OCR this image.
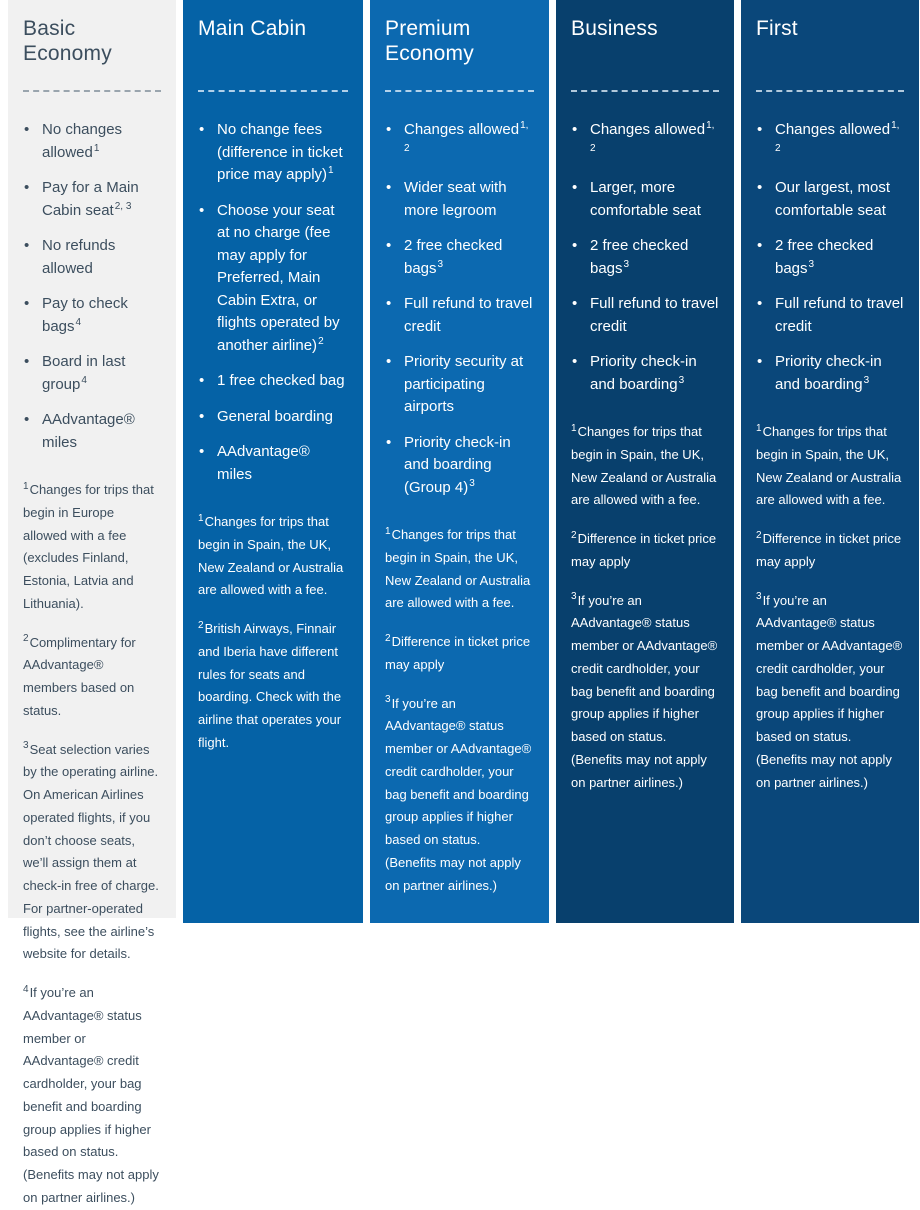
Basic Economy
• No changes allowed$^1$
• Pay for a Main Cabin seat$^{2, 3}$
• No refunds allowed
• Pay to check bags$^4$
• Board in last group$^4$
• AAdvantage® miles

$^1$Changes for trips that begin in Europe allowed with a fee (excludes Finland, Estonia, Latvia and Lithuania).

$^2$Complimentary for AAdvantage® members based on status.

$^3$Seat selection varies by the operating airline. On American Airlines operated flights, if you don’t choose seats, we’ll assign them at check-in free of charge. For partner-operated flights, see the airline’s website for details.

$^4$If you’re an AAdvantage® status member or AAdvantage® credit cardholder, your bag benefit and boarding group applies if higher based on status. (Benefits may not apply on partner airlines.)

Main Cabin
• No change fees (difference in ticket price may apply)$^1$
• Choose your seat at no charge (fee may apply for Preferred, Main Cabin Extra, or flights operated by another airline)$^2$
• 1 free checked bag
• General boarding
• AAdvantage® miles

$^1$Changes for trips that begin in Spain, the UK, New Zealand or Australia are allowed with a fee.

$^2$British Airways, Finnair and Iberia have different rules for seats and boarding. Check with the airline that operates your flight.

Premium Economy
• Changes allowed$^{1, 2}$
• Wider seat with more legroom
• 2 free checked bags$^3$
• Full refund to travel credit
• Priority security at participating airports
• Priority check-in and boarding (Group 4)$^3$

$^1$Changes for trips that begin in Spain, the UK, New Zealand or Australia are allowed with a fee.

$^2$Difference in ticket price may apply

$^3$If you’re an AAdvantage® status member or AAdvantage® credit cardholder, your bag benefit and boarding group applies if higher based on status. (Benefits may not apply on partner airlines.)

Business
• Changes allowed$^{1, 2}$
• Larger, more comfortable seat
• 2 free checked bags$^3$
• Full refund to travel credit
• Priority check-in and boarding$^3$

$^1$Changes for trips that begin in Spain, the UK, New Zealand or Australia are allowed with a fee.

$^2$Difference in ticket price may apply

$^3$If you’re an AAdvantage® status member or AAdvantage® credit cardholder, your bag benefit and boarding group applies if higher based on status. (Benefits may not apply on partner airlines.)

First
• Changes allowed$^{1, 2}$
• Our largest, most comfortable seat
• 2 free checked bags$^3$
• Full refund to travel credit
• Priority check-in and boarding$^3$

$^1$Changes for trips that begin in Spain, the UK, New Zealand or Australia are allowed with a fee.

$^2$Difference in ticket price may apply

$^3$If you’re an AAdvantage® status member or AAdvantage® credit cardholder, your bag benefit and boarding group applies if higher based on status. (Benefits may not apply on partner airlines.)
